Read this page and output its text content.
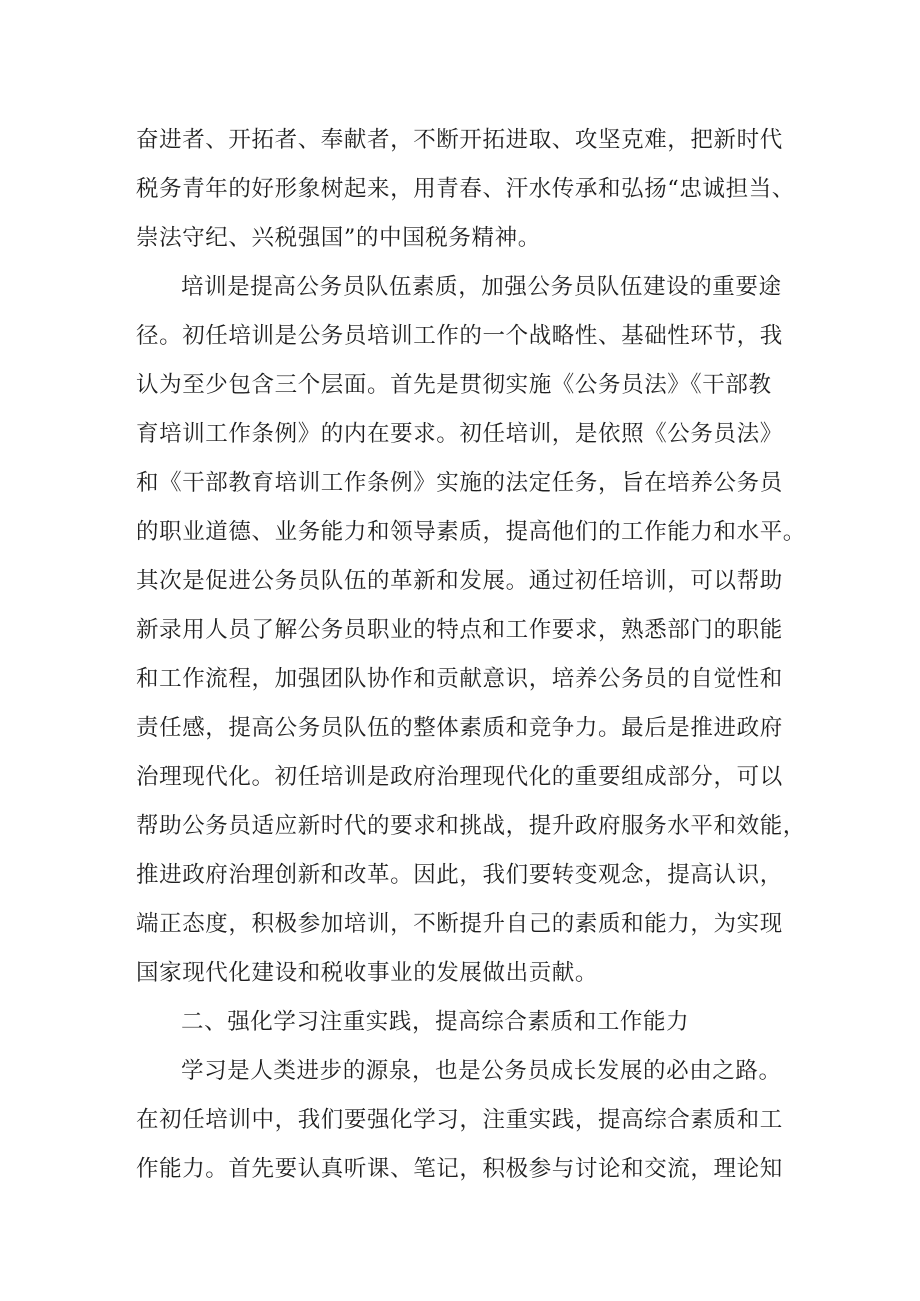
奋进者、开拓者、奉献者，不断开拓进取、攻坚克难，把新时代
税务青年的好形象树起来，用青春、汗水传承和弘扬“忠诚担当、
崇法守纪、兴税强国”的中国税务精神。
培训是提高公务员队伍素质，加强公务员队伍建设的重要途
径。初任培训是公务员培训工作的一个战略性、基础性环节，我
认为至少包含三个层面。首先是贯彻实施《公务员法》《干部教
育培训工作条例》的内在要求。初任培训，是依照《公务员法》
和《干部教育培训工作条例》实施的法定任务，旨在培养公务员
的职业道德、业务能力和领导素质，提高他们的工作能力和水平。
其次是促进公务员队伍的革新和发展。通过初任培训，可以帮助
新录用人员了解公务员职业的特点和工作要求，熟悉部门的职能
和工作流程，加强团队协作和贡献意识，培养公务员的自觉性和
责任感，提高公务员队伍的整体素质和竞争力。最后是推进政府
治理现代化。初任培训是政府治理现代化的重要组成部分，可以
帮助公务员适应新时代的要求和挑战，提升政府服务水平和效能，
推进政府治理创新和改革。因此，我们要转变观念，提高认识，
端正态度，积极参加培训，不断提升自己的素质和能力，为实现
国家现代化建设和税收事业的发展做出贡献。
二、强化学习注重实践，提高综合素质和工作能力
学习是人类进步的源泉，也是公务员成长发展的必由之路。
在初任培训中，我们要强化学习，注重实践，提高综合素质和工
作能力。首先要认真听课、笔记，积极参与讨论和交流，理论知
